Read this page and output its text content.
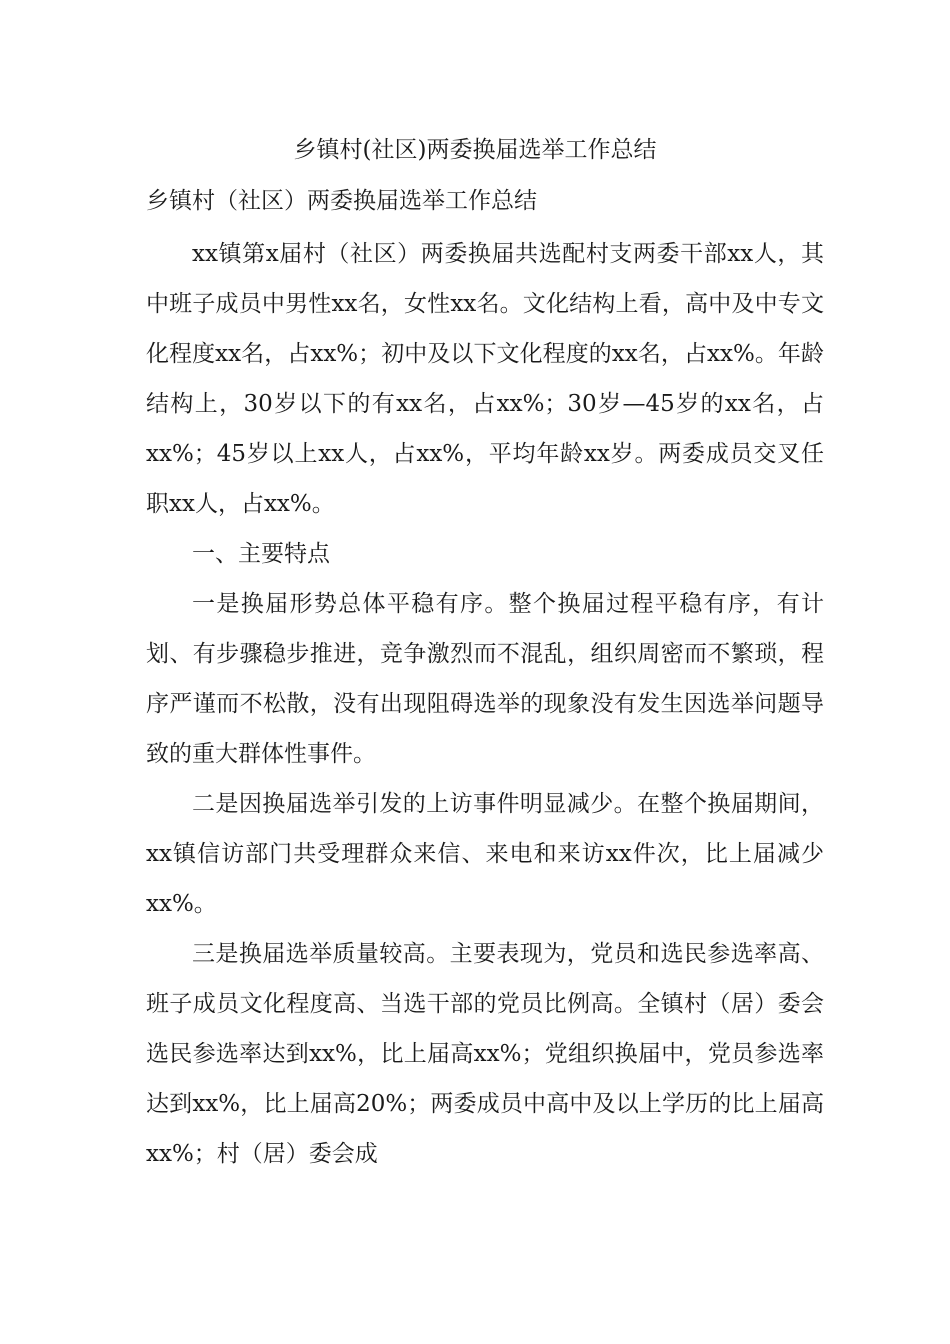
乡镇村(社区)两委换届选举工作总结

乡镇村（社区）两委换届选举工作总结

xx镇第x届村（社区）两委换届共选配村支两委干部xx人，其中班子成员中男性xx名，女性xx名。文化结构上看，高中及中专文化程度xx名，占xx%；初中及以下文化程度的xx名，占xx%。年龄结构上，30岁以下的有xx名，占xx%；30岁—45岁的xx名，占xx%；45岁以上xx人，占xx%，平均年龄xx岁。两委成员交叉任职xx人，占xx%。

一、主要特点

一是换届形势总体平稳有序。整个换届过程平稳有序，有计划、有步骤稳步推进，竞争激烈而不混乱，组织周密而不繁琐，程序严谨而不松散，没有出现阻碍选举的现象没有发生因选举问题导致的重大群体性事件。

二是因换届选举引发的上访事件明显减少。在整个换届期间，xx镇信访部门共受理群众来信、来电和来访xx件次，比上届减少xx%。

三是换届选举质量较高。主要表现为，党员和选民参选率高、班子成员文化程度高、当选干部的党员比例高。全镇村（居）委会选民参选率达到xx%，比上届高xx%；党组织换届中，党员参选率达到xx%，比上届高20%；两委成员中高中及以上学历的比上届高xx%；村（居）委会成
